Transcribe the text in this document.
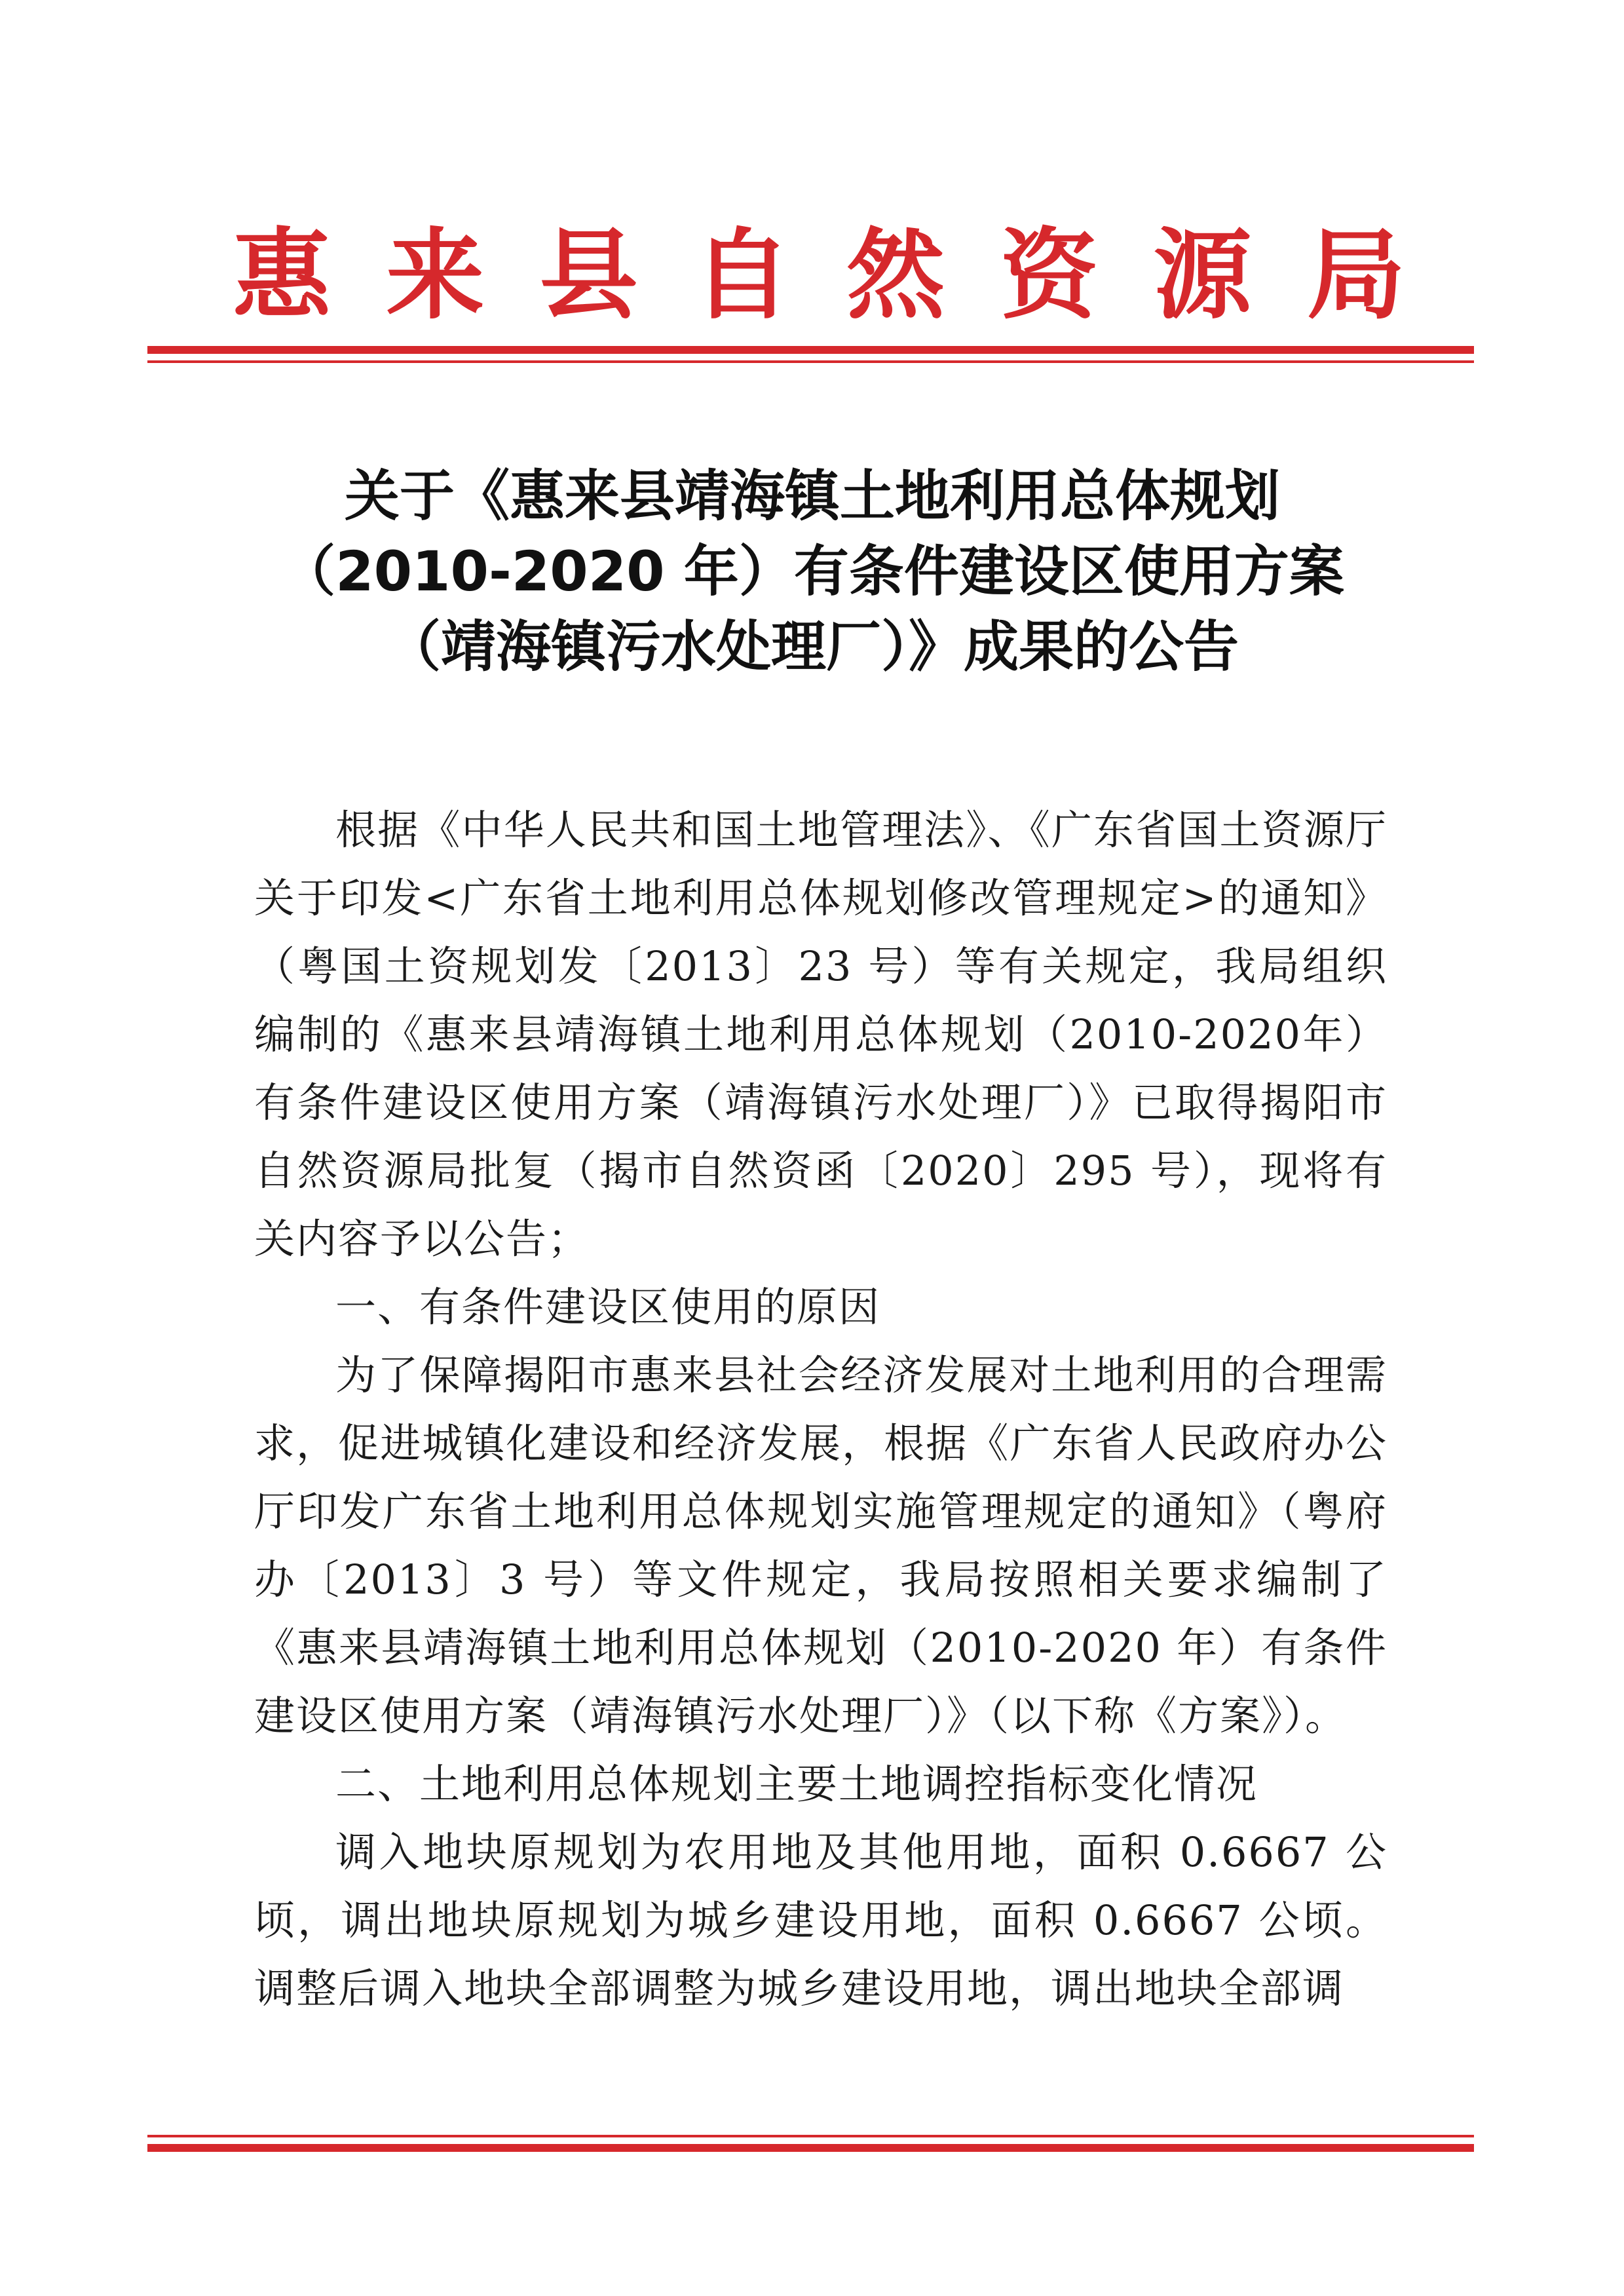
惠 来 县 自 然 资 源 局
关于《惠来县靖海镇土地利用总体规划
（2010-2020 年）有条件建设区使用方案
（靖海镇污水处理厂）》成果的公告

根据《中华人民共和国土地管理法》、《广东省国土资源厅关于印发<广东省土地利用总体规划修改管理规定>的通知》（粤国土资规划发〔2013〕23 号）等有关规定，我局组织编制的《惠来县靖海镇土地利用总体规划（2010-2020年）有条件建设区使用方案（靖海镇污水处理厂）》已取得揭阳市自然资源局批复（揭市自然资函〔2020〕295 号），现将有关内容予以公告；

一、有条件建设区使用的原因

为了保障揭阳市惠来县社会经济发展对土地利用的合理需求，促进城镇化建设和经济发展，根据《广东省人民政府办公厅印发广东省土地利用总体规划实施管理规定的通知》（粤府办〔2013〕3 号）等文件规定，我局按照相关要求编制了《惠来县靖海镇土地利用总体规划（2010-2020 年）有条件建设区使用方案（靖海镇污水处理厂）》（以下称《方案》）。

二、土地利用总体规划主要土地调控指标变化情况

调入地块原规划为农用地及其他用地，面积 0.6667 公顷，调出地块原规划为城乡建设用地，面积 0.6667 公顷。调整后调入地块全部调整为城乡建设用地，调出地块全部调
